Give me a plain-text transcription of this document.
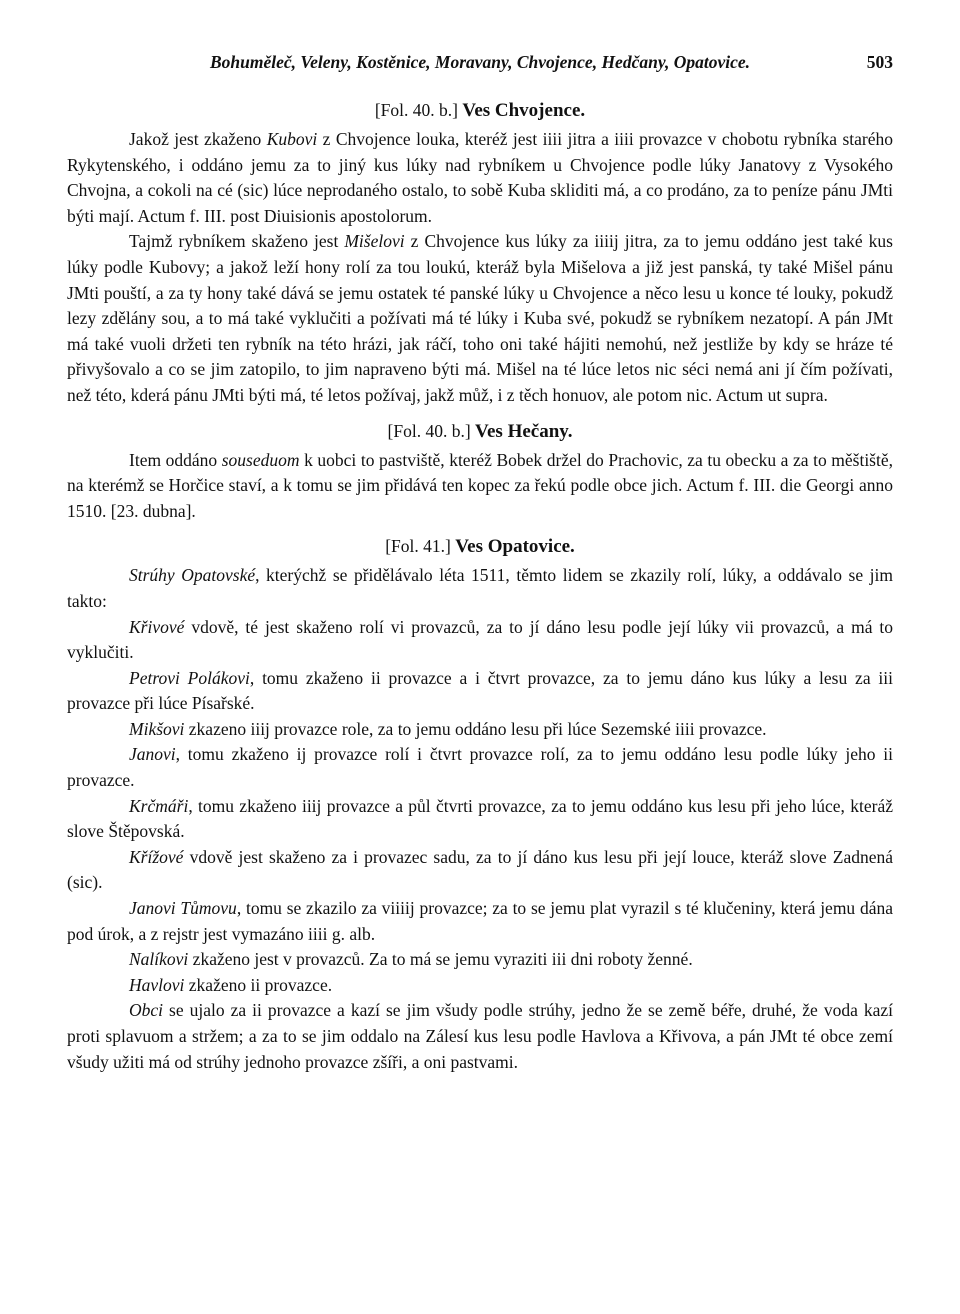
Bohuměleč, Veleny, Kostěnice, Moravany, Chvojence, Hedčany, Opatovice.	503
[Fol. 40. b.] Ves Chvojence.

Jakož jest zkaženo Kubovi z Chvojence louka, kteréž jest iiii jitra a iiii provazce v chobotu rybníka starého Rykytenského, i oddáno jemu za to jiný kus lúky nad rybníkem u Chvojence podle lúky Janatovy z Vysokého Chvojna, a cokoli na cé (sic) lúce neprodaného ostalo, to sobě Kuba skliditi má, a co prodáno, za to peníze pánu JMti býti mají. Actum f. III. post Diuisionis apostolorum.

Tajmž rybníkem skaženo jest Mišelovi z Chvojence kus lúky za iiiij jitra, za to jemu oddáno jest také kus lúky podle Kubovy; a jakož leží hony rolí za tou loukú, kteráž byla Mišelova a již jest panská, ty také Mišel pánu JMti pouští, a za ty hony také dává se jemu ostatek té panské lúky u Chvojence a něco lesu u konce té louky, pokudž lezy zdělány sou, a to má také vyklučiti a požívati má té lúky i Kuba své, pokudž se rybníkem nezatopí. A pán JMt má také vuoli držeti ten rybník na této hrázi, jak ráčí, toho oni také hájiti nemohú, než jestliže by kdy se hráze té přivyšovalo a co se jim zatopilo, to jim napraveno býti má. Mišel na té lúce letos nic séci nemá ani jí čím požívati, než této, kderá pánu JMti býti má, té letos požívaj, jakž můž, i z těch honuov, ale potom nic. Actum ut supra.

[Fol. 40. b.] Ves Hečany.

Item oddáno souseduom k uobci to pastviště, kteréž Bobek držel do Prachovic, za tu obecku a za to měštiště, na kterémž se Horčice staví, a k tomu se jim přidává ten kopec za řekú podle obce jich. Actum f. III. die Georgi anno 1510. [23. dubna].

[Fol. 41.] Ves Opatovice.

Strúhy Opatovské, kterýchž se přidělávalo léta 1511, těmto lidem se zkazily rolí, lúky, a oddávalo se jim takto:

Křivové vdově, té jest skaženo rolí vi provazců, za to jí dáno lesu podle její lúky vii provazců, a má to vyklučiti.

Petrovi Polákovi, tomu zkaženo ii provazce a i čtvrt provazce, za to jemu dáno kus lúky a lesu za iii provazce při lúce Písařské.

Mikšovi zkazeno iiij provazce role, za to jemu oddáno lesu při lúce Sezemské iiii provazce.

Janovi, tomu zkaženo ij provazce rolí i čtvrt provazce rolí, za to jemu oddáno lesu podle lúky jeho ii provazce.

Krčmáři, tomu zkaženo iiij provazce a půl čtvrti provazce, za to jemu oddáno kus lesu při jeho lúce, kteráž slove Štěpovská.

Křížové vdově jest skaženo za i provazec sadu, za to jí dáno kus lesu při její louce, kteráž slove Zadnená (sic).

Janovi Tůmovu, tomu se zkazilo za viiiij provazce; za to se jemu plat vyrazil s té klučeniny, která jemu dána pod úrok, a z rejstr jest vymazáno iiii g. alb.

Nalíkovi zkaženo jest v provazců. Za to má se jemu vyraziti iii dni roboty ženné.

Havlovi zkaženo ii provazce.

Obci se ujalo za ii provazce a kazí se jim všudy podle strúhy, jedno že se země béře, druhé, že voda kazí proti splavuom a stržem; a za to se jim oddalo na Zálesí kus lesu podle Havlova a Křivova, a pán JMt té obce zemí všudy užiti má od strúhy jednoho provazce zšíři, a oni pastvami.
